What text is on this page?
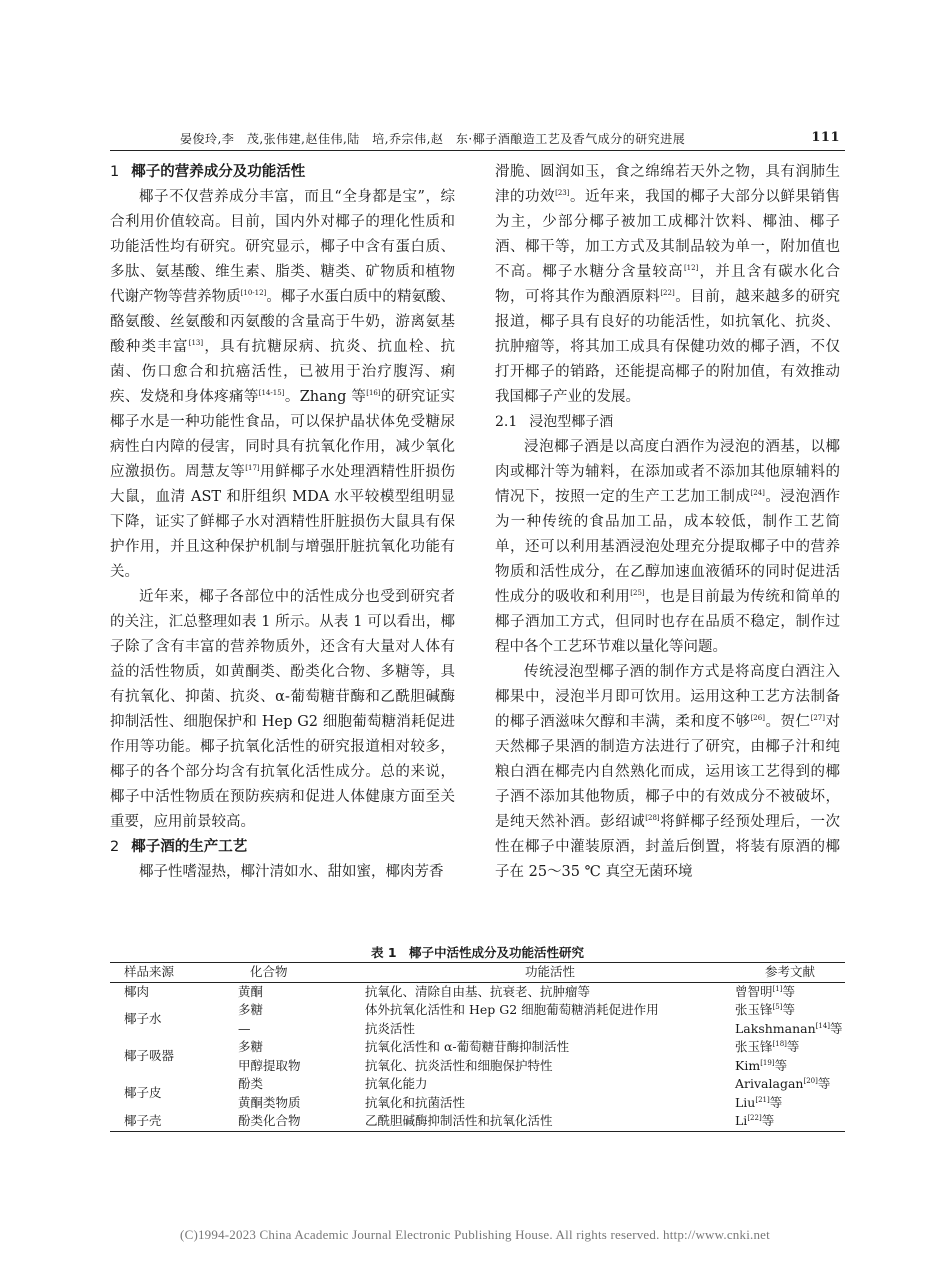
晏俊玲,李　茂,张伟建,赵佳伟,陆　培,乔宗伟,赵　东·椰子酒酿造工艺及香气成分的研究进展	111
1 椰子的营养成分及功能活性

椰子不仅营养成分丰富，而且“全身都是宝”，综合利用价值较高。目前，国内外对椰子的理化性质和功能活性均有研究。研究显示，椰子中含有蛋白质、多肽、氨基酸、维生素、脂类、糖类、矿物质和植物代谢产物等营养物质[10-12]。椰子水蛋白质中的精氨酸、酪氨酸、丝氨酸和丙氨酸的含量高于牛奶，游离氨基酸种类丰富[13]，具有抗糖尿病、抗炎、抗血栓、抗菌、伤口愈合和抗癌活性，已被用于治疗腹泻、痢疾、发烧和身体疼痛等[14-15]。Zhang 等[16]的研究证实椰子水是一种功能性食品，可以保护晶状体免受糖尿病性白内障的侵害，同时具有抗氧化作用，减少氧化应激损伤。周慧友等[17]用鲜椰子水处理酒精性肝损伤大鼠，血清 AST 和肝组织 MDA 水平较模型组明显下降，证实了鲜椰子水对酒精性肝脏损伤大鼠具有保护作用，并且这种保护机制与增强肝脏抗氧化功能有关。

近年来，椰子各部位中的活性成分也受到研究者的关注，汇总整理如表 1 所示。从表 1 可以看出，椰子除了含有丰富的营养物质外，还含有大量对人体有益的活性物质，如黄酮类、酚类化合物、多糖等，具有抗氧化、抑菌、抗炎、α-葡萄糖苷酶和乙酰胆碱酶抑制活性、细胞保护和 Hep G2 细胞葡萄糖消耗促进作用等功能。椰子抗氧化活性的研究报道相对较多，椰子的各个部分均含有抗氧化活性成分。总的来说，椰子中活性物质在预防疾病和促进人体健康方面至关重要，应用前景较高。

2 椰子酒的生产工艺

椰子性嗜湿热，椰汁清如水、甜如蜜，椰肉芳香

滑脆、圆润如玉，食之绵绵若天外之物，具有润肺生津的功效[23]。近年来，我国的椰子大部分以鲜果销售为主，少部分椰子被加工成椰汁饮料、椰油、椰子酒、椰干等，加工方式及其制品较为单一，附加值也不高。椰子水糖分含量较高[12]，并且含有碳水化合物，可将其作为酿酒原料[22]。目前，越来越多的研究报道，椰子具有良好的功能活性，如抗氧化、抗炎、抗肿瘤等，将其加工成具有保健功效的椰子酒，不仅打开椰子的销路，还能提高椰子的附加值，有效推动我国椰子产业的发展。

2.1 浸泡型椰子酒

浸泡椰子酒是以高度白酒作为浸泡的酒基，以椰肉或椰汁等为辅料，在添加或者不添加其他原辅料的情况下，按照一定的生产工艺加工制成[24]。浸泡酒作为一种传统的食品加工品，成本较低，制作工艺简单，还可以利用基酒浸泡处理充分提取椰子中的营养物质和活性成分，在乙醇加速血液循环的同时促进活性成分的吸收和利用[25]，也是目前最为传统和简单的椰子酒加工方式，但同时也存在品质不稳定，制作过程中各个工艺环节难以量化等问题。

传统浸泡型椰子酒的制作方式是将高度白酒注入椰果中，浸泡半月即可饮用。运用这种工艺方法制备的椰子酒滋味欠醇和丰满，柔和度不够[26]。贺仁[27]对天然椰子果酒的制造方法进行了研究，由椰子汁和纯粮白酒在椰壳内自然熟化而成，运用该工艺得到的椰子酒不添加其他物质，椰子中的有效成分不被破坏，是纯天然补酒。彭绍诚[28]将鲜椰子经预处理后，一次性在椰子中灌装原酒，封盖后倒置，将装有原酒的椰子在 25～35 ℃ 真空无菌环境

表 1　椰子中活性成分及功能活性研究
样品来源	化合物	功能活性	参考文献
椰肉	黄酮	抗氧化、清除自由基、抗衰老、抗肿瘤等	曾智明[1]等
椰子水	多糖	体外抗氧化活性和 Hep G2 细胞葡萄糖消耗促进作用	张玉锋[5]等
	—	抗炎活性	Lakshmanan[14]等
椰子吸器	多糖	抗氧化活性和 α-葡萄糖苷酶抑制活性	张玉锋[18]等
	甲醇提取物	抗氧化、抗炎活性和细胞保护特性	Kim[19]等
椰子皮	酚类	抗氧化能力	Arivalagan[20]等
	黄酮类物质	抗氧化和抗菌活性	Liu[21]等
椰子壳	酚类化合物	乙酰胆碱酶抑制活性和抗氧化活性	Li[22]等
(C)1994-2023 China Academic Journal Electronic Publishing House. All rights reserved. http://www.cnki.net
